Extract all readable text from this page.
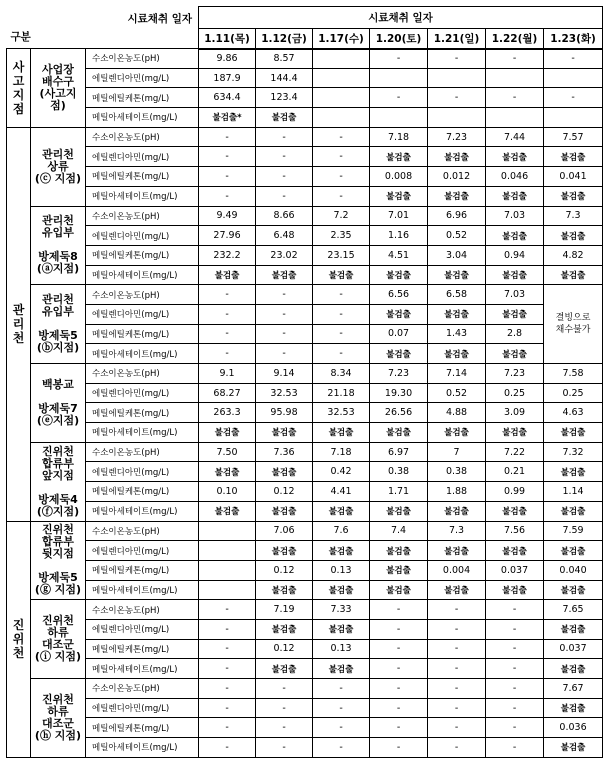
시료채취 일자
구분			시료채취 일자						
			1.11(목)	1.12(금)	1.17(수)	1.20(토)	1.21(일)	1.22(월)	1.23(화)
사고지점	사업장
배수구
(사고지점)	수소이온농도(pH)	9.86	8.57		-	-	-	-
		에틸렌디아민(mg/L)	187.9	144.4					
		메틸에틸케톤(mg/L)	634.4	123.4		-	-	-	-
		메틸아세테이트(mg/L)	불검출*	불검출					
관리천	관리천
상류
(ⓒ 지점)	수소이온농도(pH)	-	-	-	7.18	7.23	7.44	7.57
		에틸렌디아민(mg/L)	-	-	-	불검출	불검출	불검출	불검출
		메틸에틸케톤(mg/L)	-	-	-	0.008	0.012	0.046	0.041
		메틸아세테이트(mg/L)	-	-	-	불검출	불검출	불검출	불검출

	관리천
유입부
방제둑8
(ⓐ지점)	수소이온농도(pH)	9.49	8.66	7.2	7.01	6.96	7.03	7.3
		에틸렌디아민(mg/L)	27.96	6.48	2.35	1.16	0.52	불검출	불검출
		메틸에틸케톤(mg/L)	232.2	23.02	23.15	4.51	3.04	0.94	4.82
		메틸아세테이트(mg/L)	불검출	불검출	불검출	불검출	불검출	불검출	불검출

	관리천
유입부
방제둑5
(ⓑ지점)	수소이온농도(pH)	-	-	-	6.56	6.58	7.03	결빙으로 채수불가
		에틸렌디아민(mg/L)	-	-	-	불검출	불검출	불검출	
		메틸에틸케톤(mg/L)	-	-	-	0.07	1.43	2.8	
		메틸아세테이트(mg/L)	-	-	-	불검출	불검출	불검출	

	백봉교
방제둑7
(ⓔ지점)	수소이온농도(pH)	9.1	9.14	8.34	7.23	7.14	7.23	7.58
		에틸렌디아민(mg/L)	68.27	32.53	21.18	19.30	0.52	0.25	0.25
		메틸에틸케톤(mg/L)	263.3	95.98	32.53	26.56	4.88	3.09	4.63
		메틸아세테이트(mg/L)	불검출	불검출	불검출	불검출	불검출	불검출	불검출

	진위천
합류부
앞지점
방제둑4
(ⓕ지점)	수소이온농도(pH)	7.50	7.36	7.18	6.97	7	7.22	7.32
		에틸렌디아민(mg/L)	불검출	불검출	0.42	0.38	0.38	0.21	불검출
		메틸에틸케톤(mg/L)	0.10	0.12	4.41	1.71	1.88	0.99	1.14
		메틸아세테이트(mg/L)	불검출	불검출	불검출	불검출	불검출	불검출	불검출
진위천	진위천
합류부
뒷지점
방제둑5
(ⓖ 지점)	수소이온농도(pH)		7.06	7.6	7.4	7.3	7.56	7.59
		에틸렌디아민(mg/L)		불검출	불검출	불검출	불검출	불검출	불검출
		메틸에틸케톤(mg/L)		0.12	0.13	불검출	0.004	0.037	0.040
		메틸아세테이트(mg/L)		불검출	불검출	불검출	불검출	불검출	불검출

	진위천
하류
대조군
(ⓘ 지점)	수소이온농도(pH)	-	7.19	7.33	-	-	-	7.65
		에틸렌디아민(mg/L)	-	불검출	불검출	-	-	-	불검출
		메틸에틸케톤(mg/L)	-	0.12	0.13	-	-	-	0.037
		메틸아세테이트(mg/L)	-	불검출	불검출	-	-	-	불검출

	진위천
하류
대조군
(ⓗ 지점)	수소이온농도(pH)	-	-	-	-	-	-	7.67
		에틸렌디아민(mg/L)	-	-	-	-	-	-	불검출
		메틸에틸케톤(mg/L)	-	-	-	-	-	-	0.036
		메틸아세테이트(mg/L)	-	-	-	-	-	-	불검출
